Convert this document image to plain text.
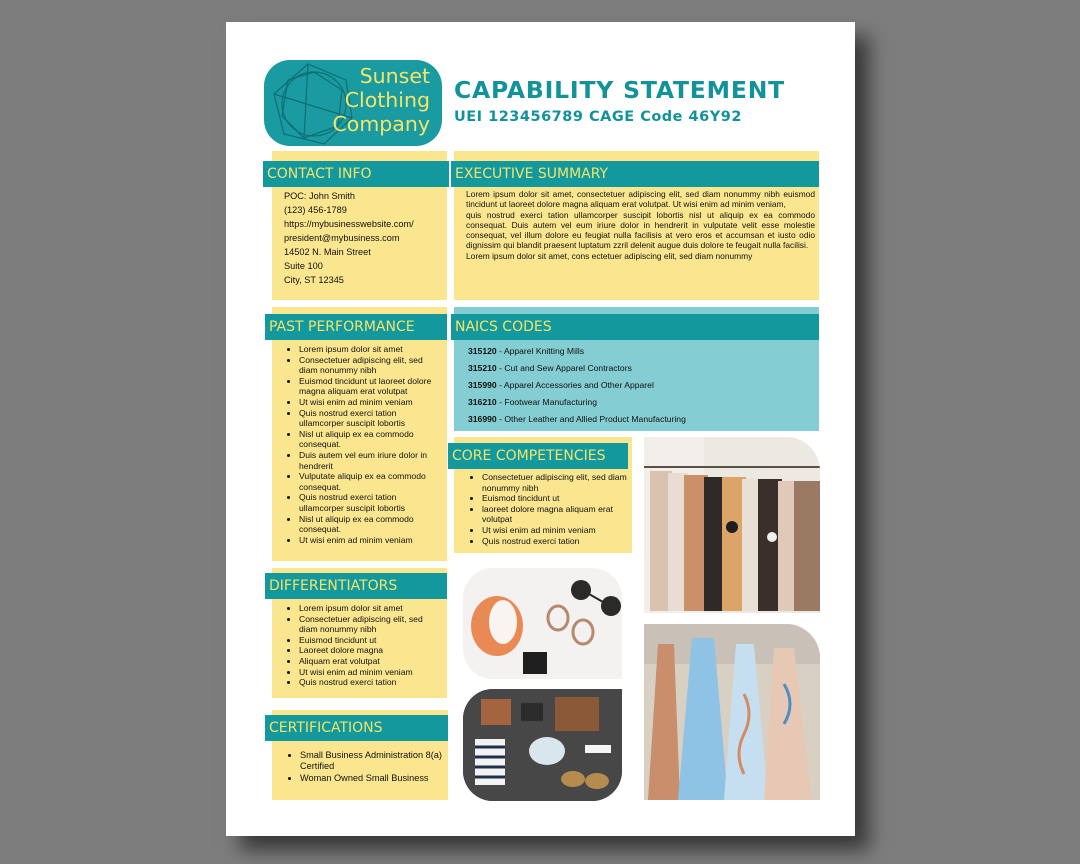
Sunset
Clothing
Company
CAPABILITY STATEMENT
UEI 123456789 CAGE Code 46Y92
CONTACT INFO
POC: John Smith
(123) 456-1789
https://mybusinesswebsite.com/
president@mybusiness.com
14502 N. Main Street
Suite 100
City, ST 12345
EXECUTIVE SUMMARY
Lorem ipsum dolor sit amet, consectetuer adipiscing elit, sed diam nonummy nibh euismod tincidunt ut laoreet dolore magna aliquam erat volutpat. Ut wisi enim ad minim veniam,
quis nostrud exerci tation ullamcorper suscipit lobortis nisl ut aliquip ex ea commodo consequat. Duis autem vel eum iriure dolor in hendrerit in vulputate velit esse molestie consequat, vel illum dolore eu feugiat nulla facilisis at vero eros et accumsan et iusto odio dignissim qui blandit praesent luptatum zzril delenit augue duis dolore te feugait nulla facilisi.
Lorem ipsum dolor sit amet, cons ectetuer adipiscing elit, sed diam nonummy
PAST PERFORMANCE
• Lorem ipsum dolor sit amet
• Consectetuer adipiscing elit, sed diam nonummy nibh
• Euismod tincidunt ut laoreet dolore magna aliquam erat volutpat
• Ut wisi enim ad minim veniam
• Quis nostrud exerci tation ullamcorper suscipit lobortis
• Nisl ut aliquip ex ea commodo consequat.
• Duis autem vel eum iriure dolor in hendrerit
• Vulputate aliquip ex ea commodo consequat.
• Quis nostrud exerci tation ullamcorper suscipit lobortis
• Nisl ut aliquip ex ea commodo consequat.
• Ut wisi enim ad minim veniam
NAICS CODES
315120 - Apparel Knitting Mills
315210 - Cut and Sew Apparel Contractors
315990 - Apparel Accessories and Other Apparel
316210 - Footwear Manufacturing
316990 - Other Leather and Allied Product Manufacturing
CORE COMPETENCIES
• Consectetuer adipiscing elit, sed diam nonummy nibh
• Euismod tincidunt ut
• laoreet dolore magna aliquam erat volutpat
• Ut wisi enim ad minim veniam
• Quis nostrud exerci tation
DIFFERENTIATORS
• Lorem ipsum dolor sit amet
• Consectetuer adipiscing elit, sed diam nonummy nibh
• Euismod tincidunt ut
• Laoreet dolore magna
• Aliquam erat volutpat
• Ut wisi enim ad minim veniam
• Quis nostrud exerci tation
CERTIFICATIONS
• Small Business Administration 8(a) Certified
• Woman Owned Small Business
